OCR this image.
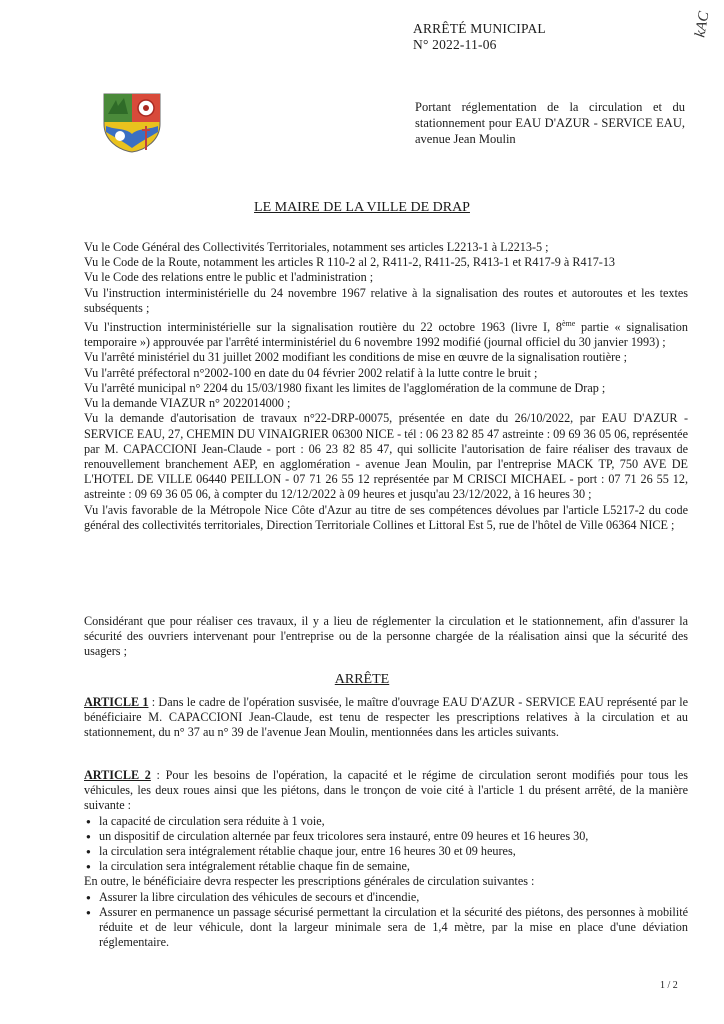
ARRÊTÉ MUNICIPAL
N° 2022-11-06
kAC
Portant réglementation de la circulation et du stationnement pour EAU D'AZUR - SERVICE EAU, avenue Jean Moulin
LE MAIRE DE LA VILLE DE DRAP

Vu le Code Général des Collectivités Territoriales, notamment ses articles L2213-1 à L2213-5 ;

Vu le Code de la Route, notamment les articles R 110-2 al 2, R411-2, R411-25, R413-1 et R417-9 à R417-13

Vu le Code des relations entre le public et l'administration ;

Vu l'instruction interministérielle du 24 novembre 1967 relative à la signalisation des routes et autoroutes et les textes subséquents ;

Vu l'instruction interministérielle sur la signalisation routière du 22 octobre 1963 (livre I, 8ème partie « signalisation temporaire ») approuvée par l'arrêté interministériel du 6 novembre 1992 modifié (journal officiel du 30 janvier 1993) ;

Vu l'arrêté ministériel du 31 juillet 2002 modifiant les conditions de mise en œuvre de la signalisation routière ;

Vu l'arrêté préfectoral n°2002-100 en date du 04 février 2002 relatif à la lutte contre le bruit ;

Vu l'arrêté municipal n° 2204 du 15/03/1980 fixant les limites de l'agglomération de la commune de Drap ;

Vu la demande VIAZUR n° 2022014000 ;

Vu la demande d'autorisation de travaux n°22-DRP-00075, présentée en date du 26/10/2022, par EAU D'AZUR - SERVICE EAU, 27, CHEMIN DU VINAIGRIER 06300 NICE - tél : 06 23 82 85 47 astreinte : 09 69 36 05 06, représentée par M. CAPACCIONI Jean-Claude - port : 06 23 82 85 47, qui sollicite l'autorisation de faire réaliser des travaux de renouvellement branchement AEP, en agglomération - avenue Jean Moulin, par l'entreprise MACK TP, 750 AVE DE L'HOTEL DE VILLE 06440 PEILLON - 07 71 26 55 12 représentée par M CRISCI MICHAEL - port : 07 71 26 55 12, astreinte : 09 69 36 05 06, à compter du 12/12/2022 à 09 heures et jusqu'au 23/12/2022, à 16 heures 30 ;

Vu l'avis favorable de la Métropole Nice Côte d'Azur au titre de ses compétences dévolues par l'article L5217-2 du code général des collectivités territoriales, Direction Territoriale Collines et Littoral Est 5, rue de l'hôtel de Ville 06364 NICE ;

Considérant que pour réaliser ces travaux, il y a lieu de réglementer la circulation et le stationnement, afin d'assurer la sécurité des ouvriers intervenant pour l'entreprise ou de la personne chargée de la réalisation ainsi que la sécurité des usagers ;
ARRÊTE
ARTICLE 1 : Dans le cadre de l'opération susvisée, le maître d'ouvrage EAU D'AZUR - SERVICE EAU représenté par le bénéficiaire M. CAPACCIONI Jean-Claude, est tenu de respecter les prescriptions relatives à la circulation et au stationnement, du n° 37 au n° 39 de l'avenue Jean Moulin, mentionnées dans les articles suivants.

ARTICLE 2 : Pour les besoins de l'opération, la capacité et le régime de circulation seront modifiés pour tous les véhicules, les deux roues ainsi que les piétons, dans le tronçon de voie cité à l'article 1 du présent arrêté, de la manière suivante :

● la capacité de circulation sera réduite à 1 voie,
● un dispositif de circulation alternée par feux tricolores sera instauré, entre 09 heures et 16 heures 30,
● la circulation sera intégralement rétablie chaque jour, entre 16 heures 30 et 09 heures,
● la circulation sera intégralement rétablie chaque fin de semaine,

En outre, le bénéficiaire devra respecter les prescriptions générales de circulation suivantes :

● Assurer la libre circulation des véhicules de secours et d'incendie,
● Assurer en permanence un passage sécurisé permettant la circulation et la sécurité des piétons, des personnes à mobilité réduite et de leur véhicule, dont la largeur minimale sera de 1,4 mètre, par la mise en place d'une déviation réglementaire.
1 / 2
